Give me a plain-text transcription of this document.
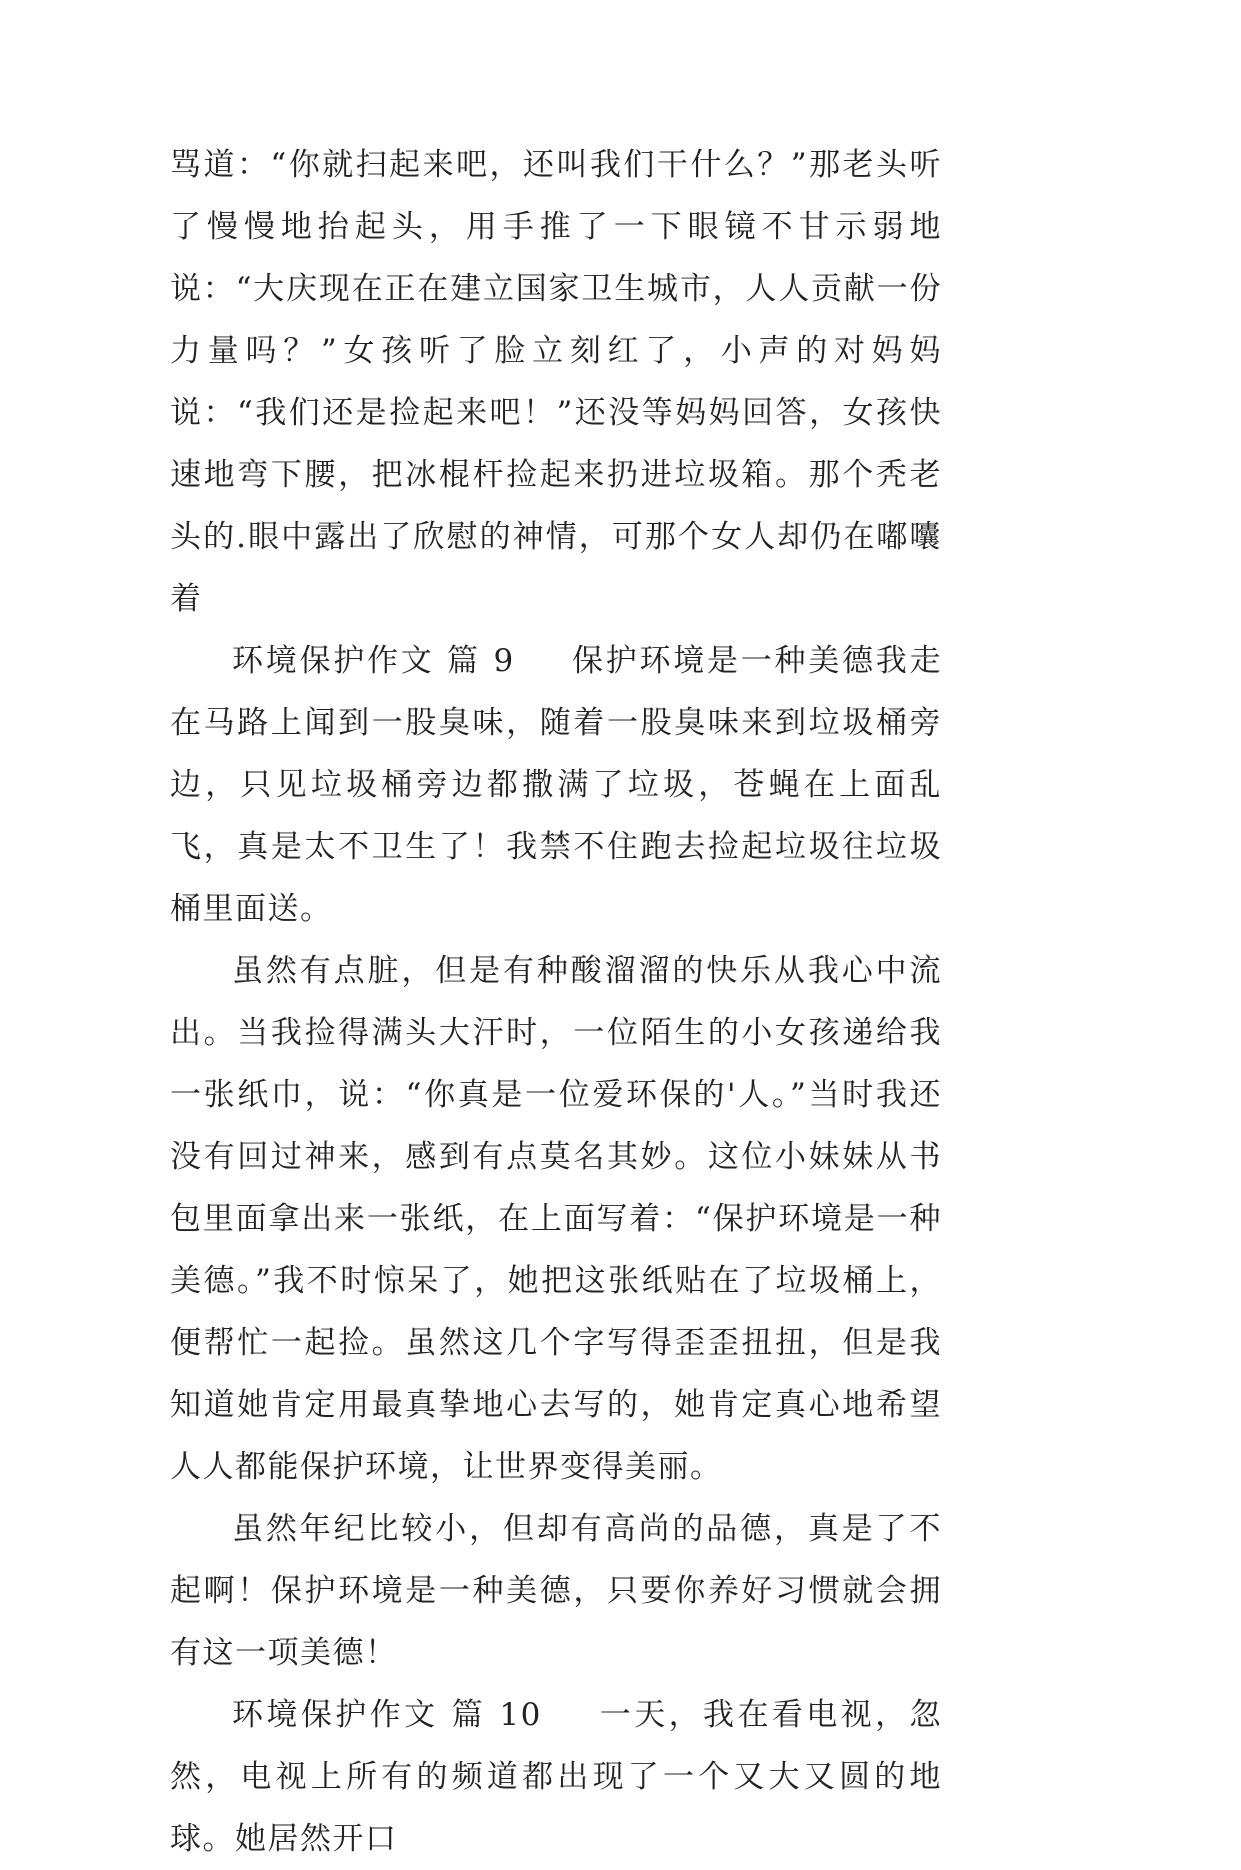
骂道：“你就扫起来吧，还叫我们干什么？”那老头听了慢慢地抬起头，用手推了一下眼镜不甘示弱地说：“大庆现在正在建立国家卫生城市，人人贡献一份力量吗？”女孩听了脸立刻红了，小声的对妈妈说：“我们还是捡起来吧！”还没等妈妈回答，女孩快速地弯下腰，把冰棍杆捡起来扔进垃圾箱。那个秃老头的.眼中露出了欣慰的神情，可那个女人却仍在嘟囔着

环境保护作文 篇 9 保护环境是一种美德我走在马路上闻到一股臭味，随着一股臭味来到垃圾桶旁边，只见垃圾桶旁边都撒满了垃圾，苍蝇在上面乱飞，真是太不卫生了！我禁不住跑去捡起垃圾往垃圾桶里面送。

虽然有点脏，但是有种酸溜溜的快乐从我心中流出。当我捡得满头大汗时，一位陌生的小女孩递给我一张纸巾，说：“你真是一位爱环保的'人。”当时我还没有回过神来，感到有点莫名其妙。这位小妹妹从书包里面拿出来一张纸，在上面写着：“保护环境是一种美德。”我不时惊呆了，她把这张纸贴在了垃圾桶上，便帮忙一起捡。虽然这几个字写得歪歪扭扭，但是我知道她肯定用最真挚地心去写的，她肯定真心地希望人人都能保护环境，让世界变得美丽。

虽然年纪比较小，但却有高尚的品德，真是了不起啊！保护环境是一种美德，只要你养好习惯就会拥有这一项美德！

环境保护作文 篇 10 一天，我在看电视，忽然，电视上所有的频道都出现了一个又大又圆的地球。她居然开口
